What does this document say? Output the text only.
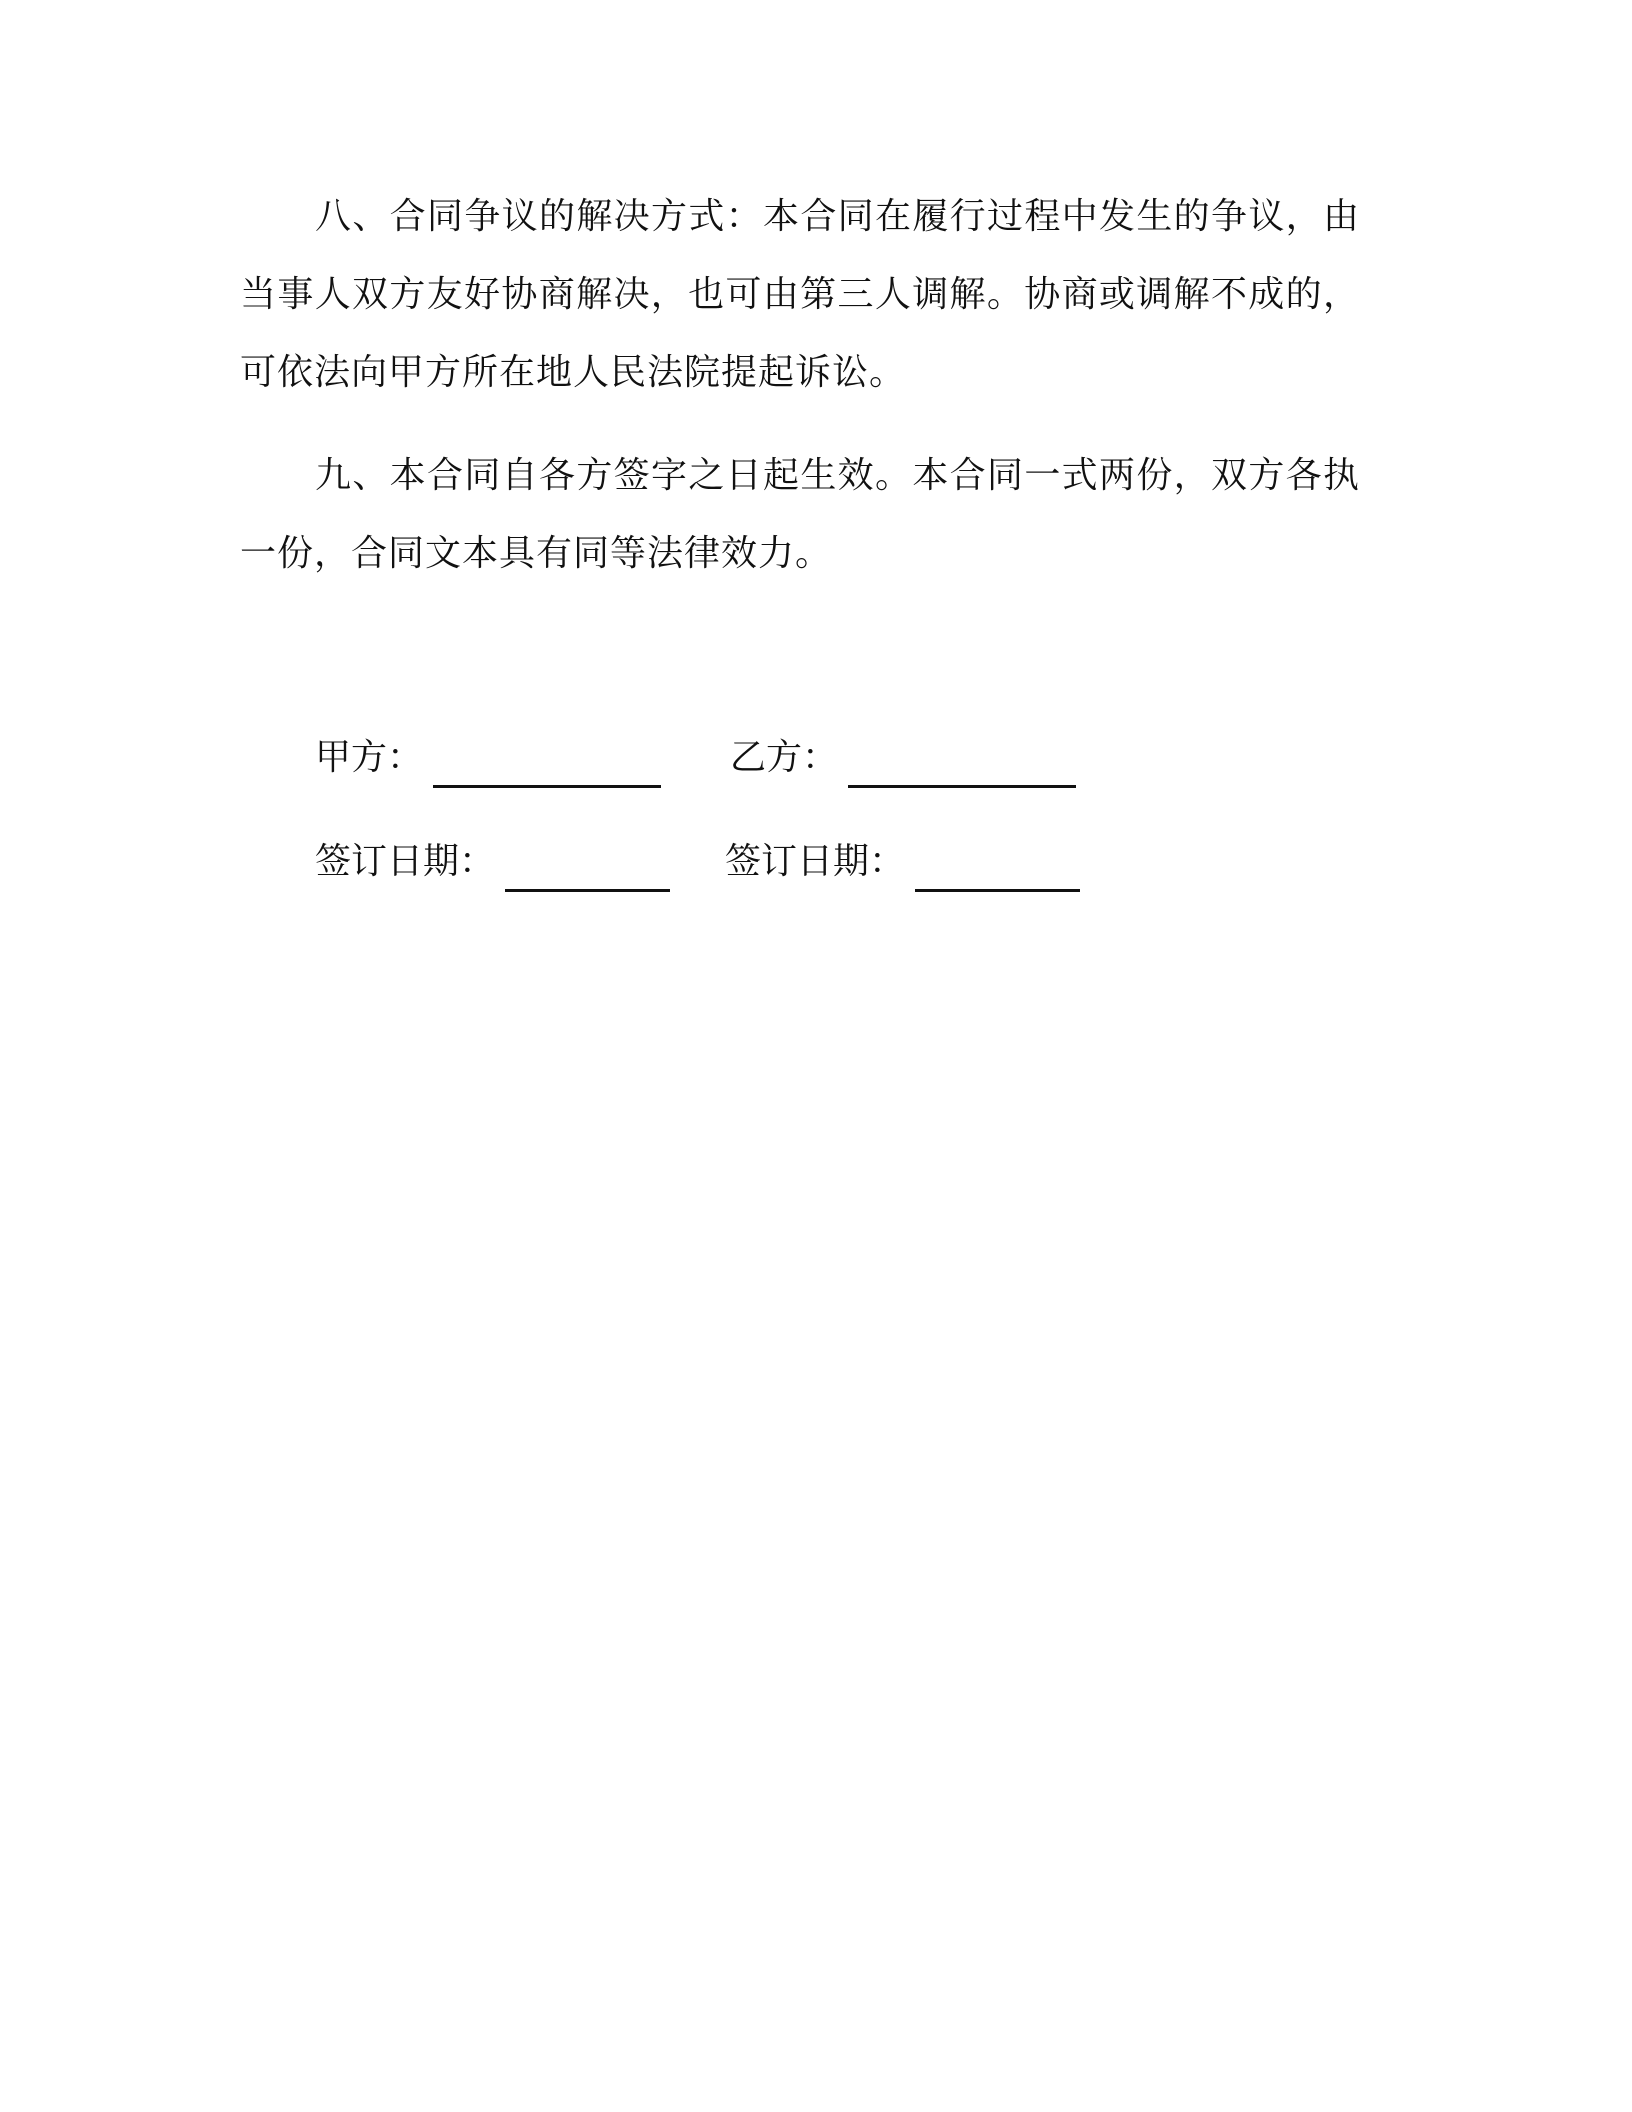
八、合同争议的解决方式：本合同在履行过程中发生的争议，由当事人双方友好协商解决，也可由第三人调解。协商或调解不成的，可依法向甲方所在地人民法院提起诉讼。

九、本合同自各方签字之日起生效。本合同一式两份，双方各执一份，合同文本具有同等法律效力。

甲方：	乙方：
签订日期：	签订日期：
